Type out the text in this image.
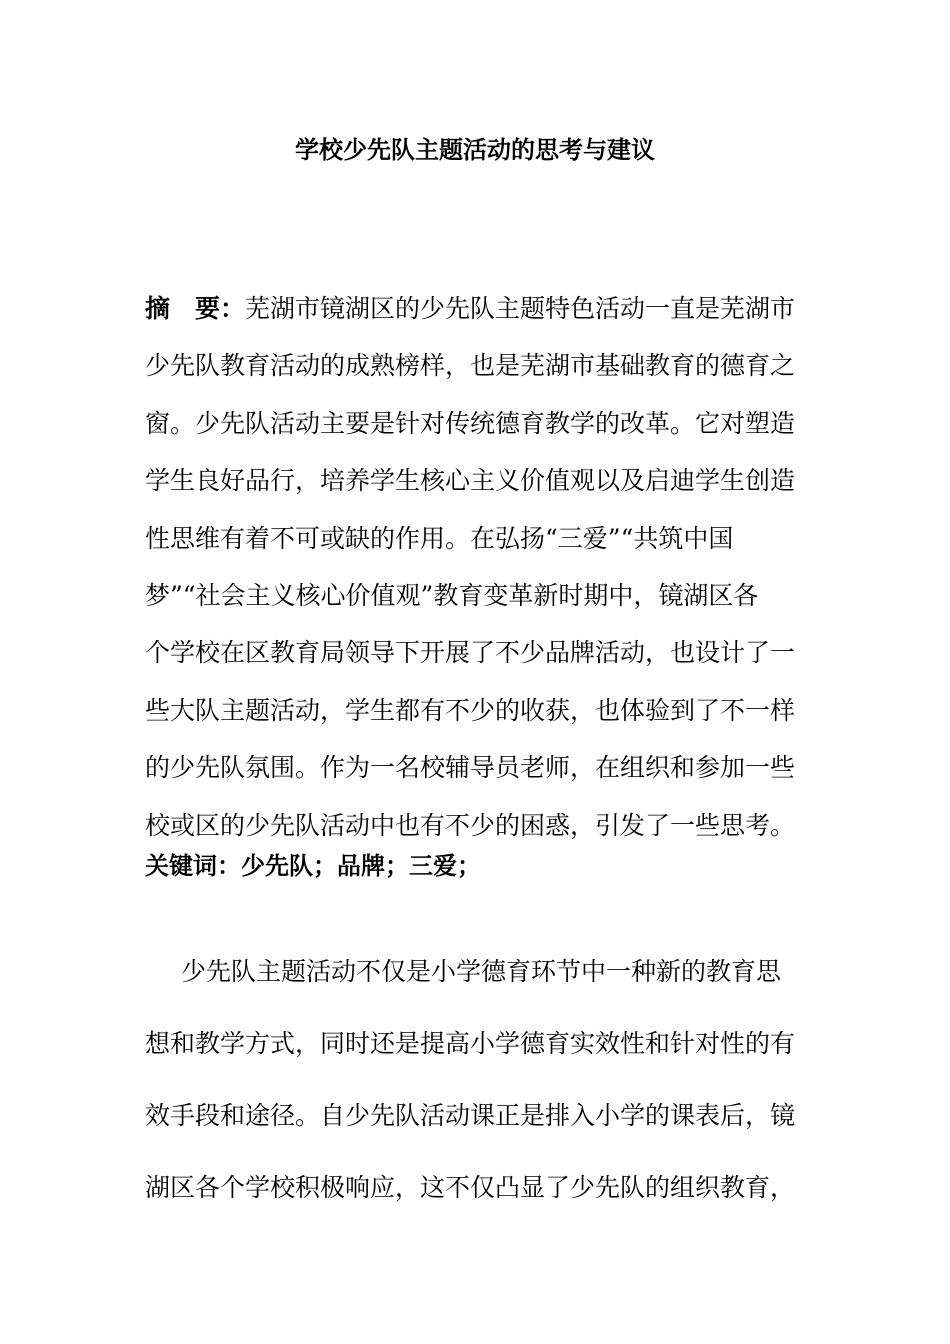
学校少先队主题活动的思考与建议
摘　要：芜湖市镜湖区的少先队主题特色活动一直是芜湖市
少先队教育活动的成熟榜样，也是芜湖市基础教育的德育之
窗。少先队活动主要是针对传统德育教学的改革。它对塑造
学生良好品行，培养学生核心主义价值观以及启迪学生创造
性思维有着不可或缺的作用。在弘扬“三爱”“共筑中国
梦”“社会主义核心价值观”教育变革新时期中，镜湖区各
个学校在区教育局领导下开展了不少品牌活动，也设计了一
些大队主题活动，学生都有不少的收获，也体验到了不一样
的少先队氛围。作为一名校辅导员老师，在组织和参加一些
校或区的少先队活动中也有不少的困惑，引发了一些思考。

关键词：少先队；品牌；三爱；

少先队主题活动不仅是小学德育环节中一种新的教育思
想和教学方式，同时还是提高小学德育实效性和针对性的有
效手段和途径。自少先队活动课正是排入小学的课表后，镜
湖区各个学校积极响应，这不仅凸显了少先队的组织教育，
